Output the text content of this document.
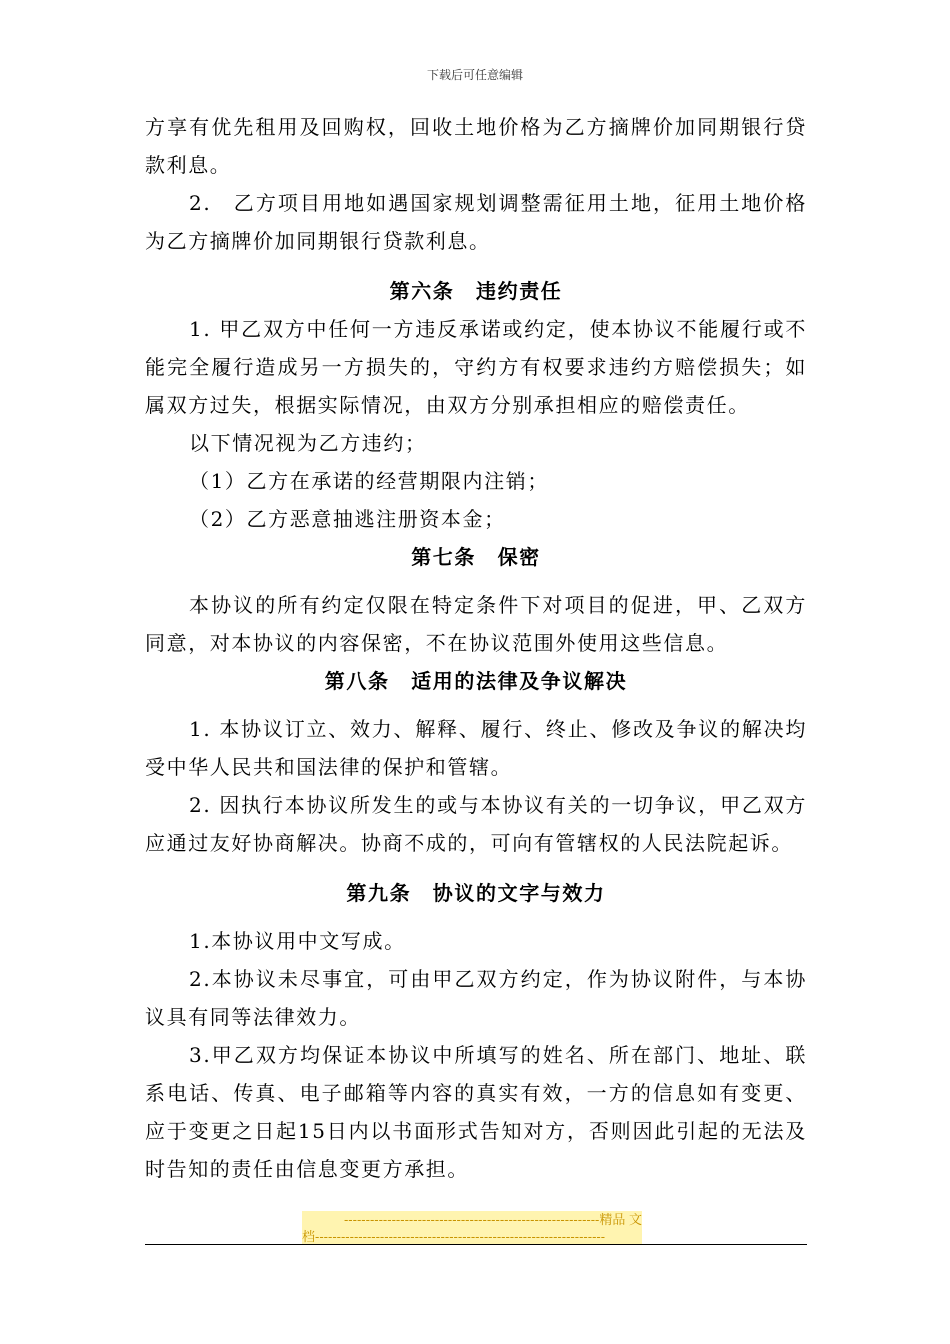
下载后可任意编辑

方享有优先租用及回购权，回收土地价格为乙方摘牌价加同期银行贷款利息。

2.　乙方项目用地如遇国家规划调整需征用土地，征用土地价格为乙方摘牌价加同期银行贷款利息。

第六条　违约责任

1. 甲乙双方中任何一方违反承诺或约定，使本协议不能履行或不能完全履行造成另一方损失的，守约方有权要求违约方赔偿损失；如属双方过失，根据实际情况，由双方分别承担相应的赔偿责任。

以下情况视为乙方违约；

（1）乙方在承诺的经营期限内注销；

（2）乙方恶意抽逃注册资本金；

第七条　保密

本协议的所有约定仅限在特定条件下对项目的促进，甲、乙双方同意，对本协议的内容保密，不在协议范围外使用这些信息。

第八条　适用的法律及争议解决

1. 本协议订立、效力、解释、履行、终止、修改及争议的解决均受中华人民共和国法律的保护和管辖。

2. 因执行本协议所发生的或与本协议有关的一切争议，甲乙双方应通过友好协商解决。协商不成的，可向有管辖权的人民法院起诉。

第九条　协议的文字与效力

1.本协议用中文写成。

2.本协议未尽事宜，可由甲乙双方约定，作为协议附件，与本协议具有同等法律效力。

3.甲乙双方均保证本协议中所填写的姓名、所在部门、地址、联系电话、传真、电子邮箱等内容的真实有效，一方的信息如有变更、应于变更之日起15日内以书面形式告知对方，否则因此引起的无法及时告知的责任由信息变更方承担。

-----------------------------------------------------------精品 文
档-------------------------------------------------------------------
